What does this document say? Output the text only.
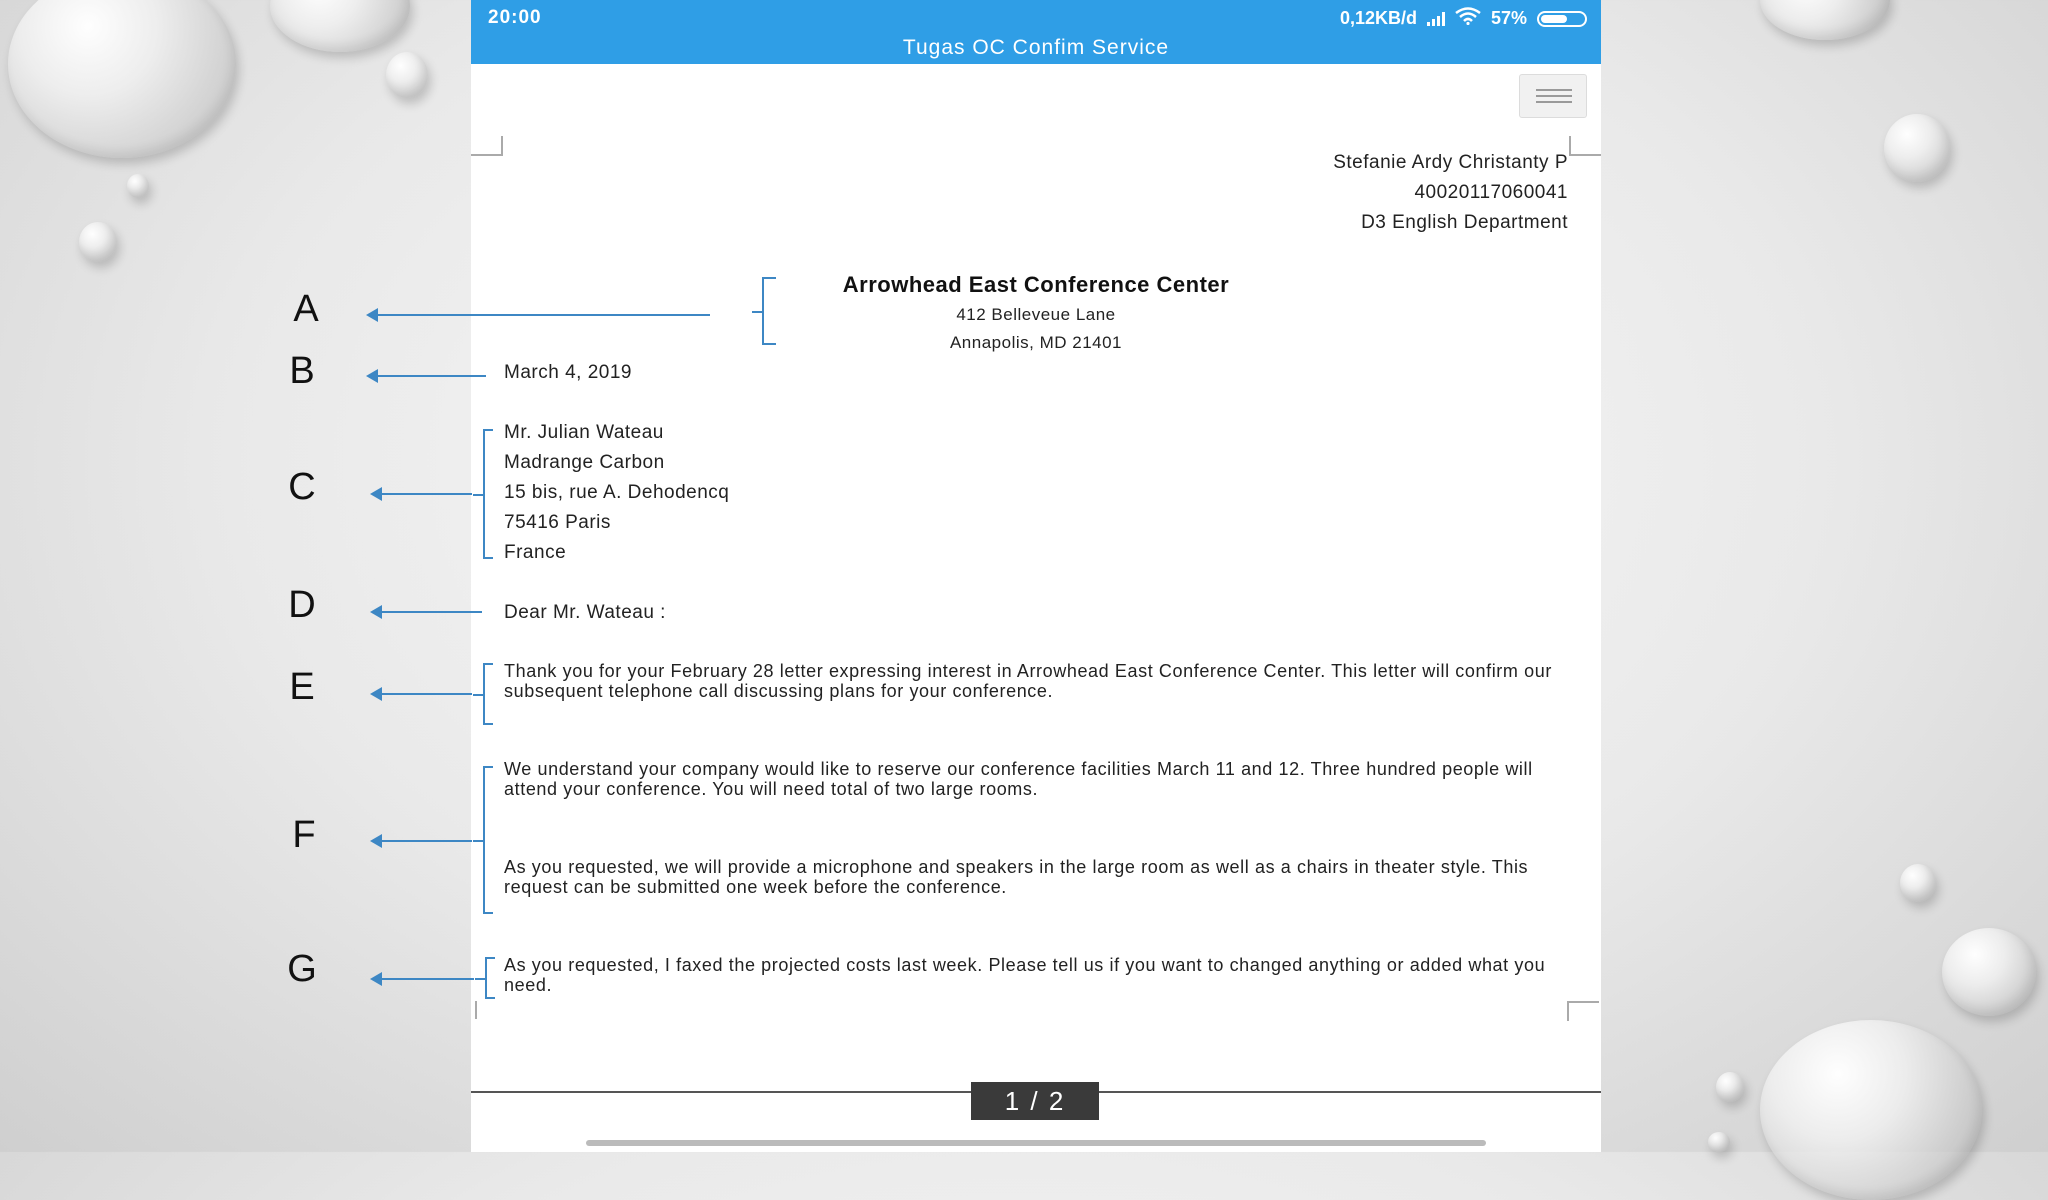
20:00	0,12KB/d	57%
Tugas OC Confim Service
Stefanie Ardy Christanty P
40020117060041
D3 English Department
Arrowhead East Conference Center
412 Belleveue Lane
Annapolis, MD 21401
March 4, 2019
Mr. Julian Wateau
Madrange Carbon
15 bis, rue A. Dehodencq
75416 Paris
France
Dear Mr. Wateau :
Thank you for your February 28 letter expressing interest in Arrowhead East Conference Center. This letter will confirm our subsequent telephone call discussing plans for your conference.
We understand your company would like to reserve our conference facilities March 11 and 12. Three hundred people will attend your conference. You will need total of two large rooms.
As you requested, we will provide a microphone and speakers in the large room as well as a chairs in theater style. This request can be submitted one week before the conference.
As you requested, I faxed the projected costs last week. Please tell us if you want to changed anything or added what you need.
1 / 2
A
B
C
D
E
F
G
